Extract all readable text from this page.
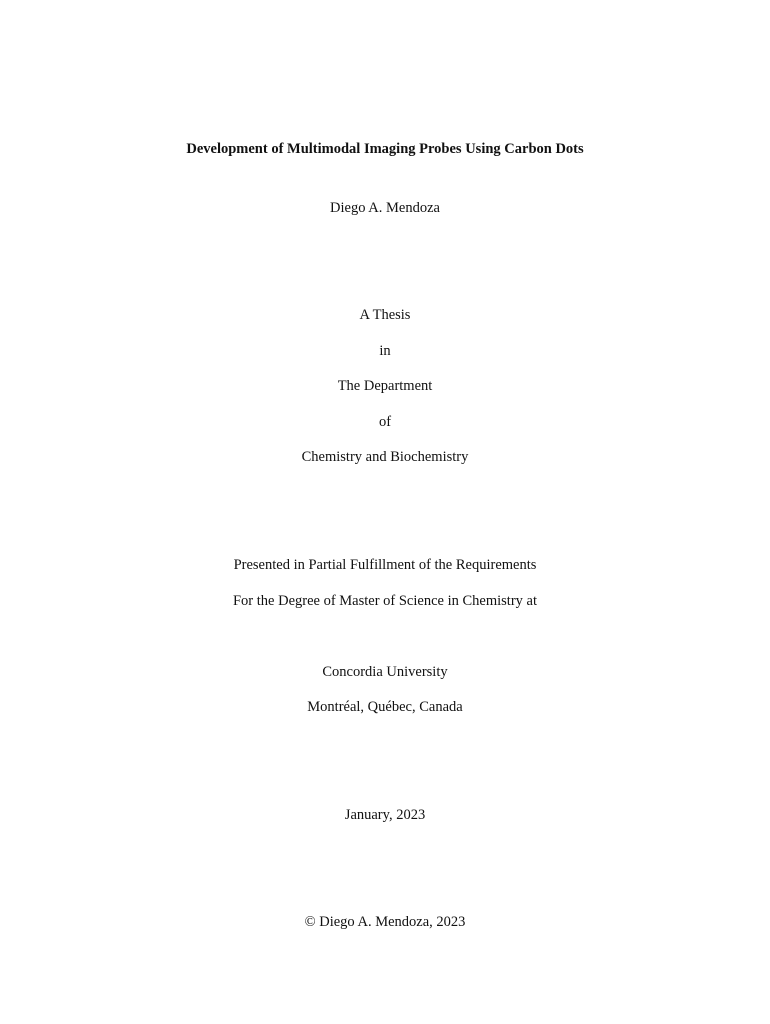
Development of Multimodal Imaging Probes Using Carbon Dots
Diego A. Mendoza
A Thesis
in
The Department
of
Chemistry and Biochemistry
Presented in Partial Fulfillment of the Requirements
For the Degree of Master of Science in Chemistry at
Concordia University
Montréal, Québec, Canada
January, 2023
© Diego A. Mendoza, 2023
